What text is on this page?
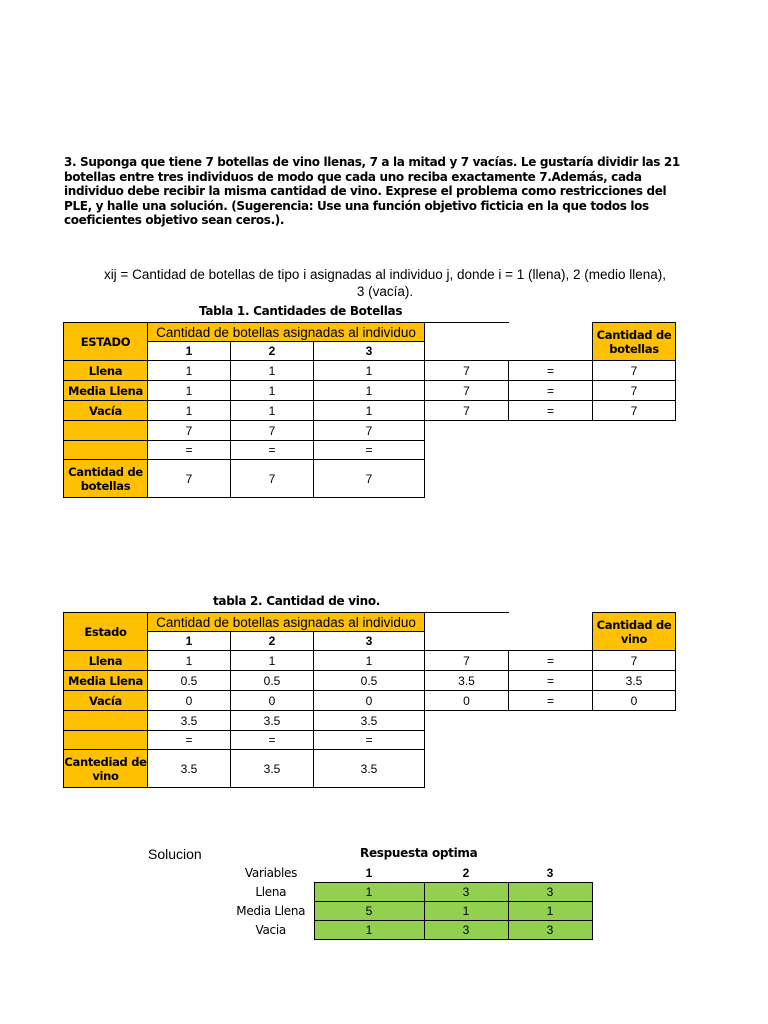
3. Suponga que tiene 7 botellas de vino llenas, 7 a la mitad y 7 vacías. Le gustaría dividir las 21 botellas entre tres individuos de modo que cada uno reciba exactamente 7.Además, cada individuo debe recibir la misma cantidad de vino. Exprese el problema como restricciones del PLE, y halle una solución. (Sugerencia: Use una función objetivo ficticia en la que todos los coeficientes objetivo sean ceros.).
xij = Cantidad de botellas de tipo i asignadas al individuo j, donde i = 1 (llena), 2 (medio llena), 3 (vacía).
Tabla 1. Cantidades de Botellas
ESTADO	Cantidad de botellas asignadas al individuo					Cantidad de botellas
	1	2	3			
Llena	1	1	1	7	=	7
Media Llena	1	1	1	7	=	7
Vacía	1	1	1	7	=	7
	7	7	7			
	=	=	=			
Cantidad de botellas	7	7	7			
tabla 2. Cantidad de vino.
Estado	Cantidad de botellas asignadas al individuo					Cantidad de vino
	1	2	3			
Llena	1	1	1	7	=	7
Media Llena	0.5	0.5	0.5	3.5	=	3.5
Vacía	0	0	0	0	=	0
	3.5	3.5	3.5			
	=	=	=			
Cantediad de vino	3.5	3.5	3.5			
Solucion	Respuesta optima
Variables	1	2	3
Llena	1	3	3
Media Llena	5	1	1
Vacia	1	3	3
